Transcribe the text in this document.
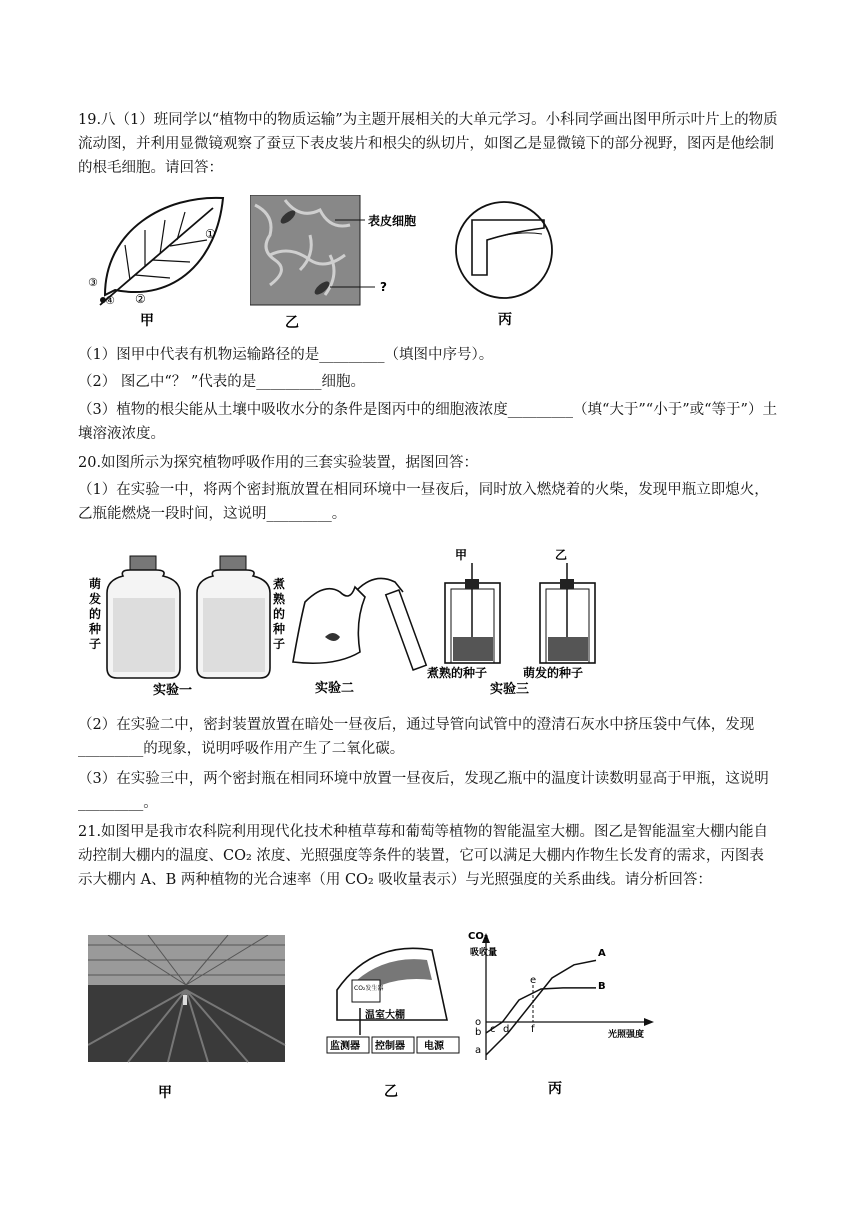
19.八（1）班同学以“植物中的物质运输”为主题开展相关的大单元学习。小科同学画出图甲所示叶片上的物质流动图，并利用显微镜观察了蚕豆下表皮装片和根尖的纵切片，如图乙是显微镜下的部分视野，图丙是他绘制的根毛细胞。请回答：

①
③
④ ②
甲
表皮细胞
?
乙	丙

（1）图甲中代表有机物运输路径的是_________（填图中序号）。

（2） 图乙中“？ ”代表的是_________细胞。

（3）植物的根尖能从土壤中吸收水分的条件是图丙中的细胞液浓度_________（填“大于”“小于”或“等于”）土壤溶液浓度。

20.如图所示为探究植物呼吸作用的三套实验装置，据图回答：

（1）在实验一中，将两个密封瓶放置在相同环境中一昼夜后，同时放入燃烧着的火柴，发现甲瓶立即熄火，乙瓶能燃烧一段时间，这说明_________。

萌发的种子
煮熟的种子
实验一	实验二
甲	乙
煮熟的种子	萌发的种子
实验三

（2）在实验二中，密封装置放置在暗处一昼夜后，通过导管向试管中的澄清石灰水中挤压袋中气体，发现_________的现象，说明呼吸作用产生了二氧化碳。

（3）在实验三中，两个密封瓶在相同环境中放置一昼夜后，发现乙瓶中的温度计读数明显高于甲瓶，这说明_________。

21.如图甲是我市农科院利用现代化技术种植草莓和葡萄等植物的智能温室大棚。图乙是智能温室大棚内能自动控制大棚内的温度、CO₂ 浓度、光照强度等条件的装置，它可以满足大棚内作物生长发育的需求，丙图表示大棚内 A、B 两种植物的光合速率（用 CO₂ 吸收量表示）与光照强度的关系曲线。请分析回答：

甲
CO₂发生器
温室大棚
监测器 控制器 电源
乙
CO₂
吸收量
光照强度
o
b
a
c d
e
f
A
B
丙
